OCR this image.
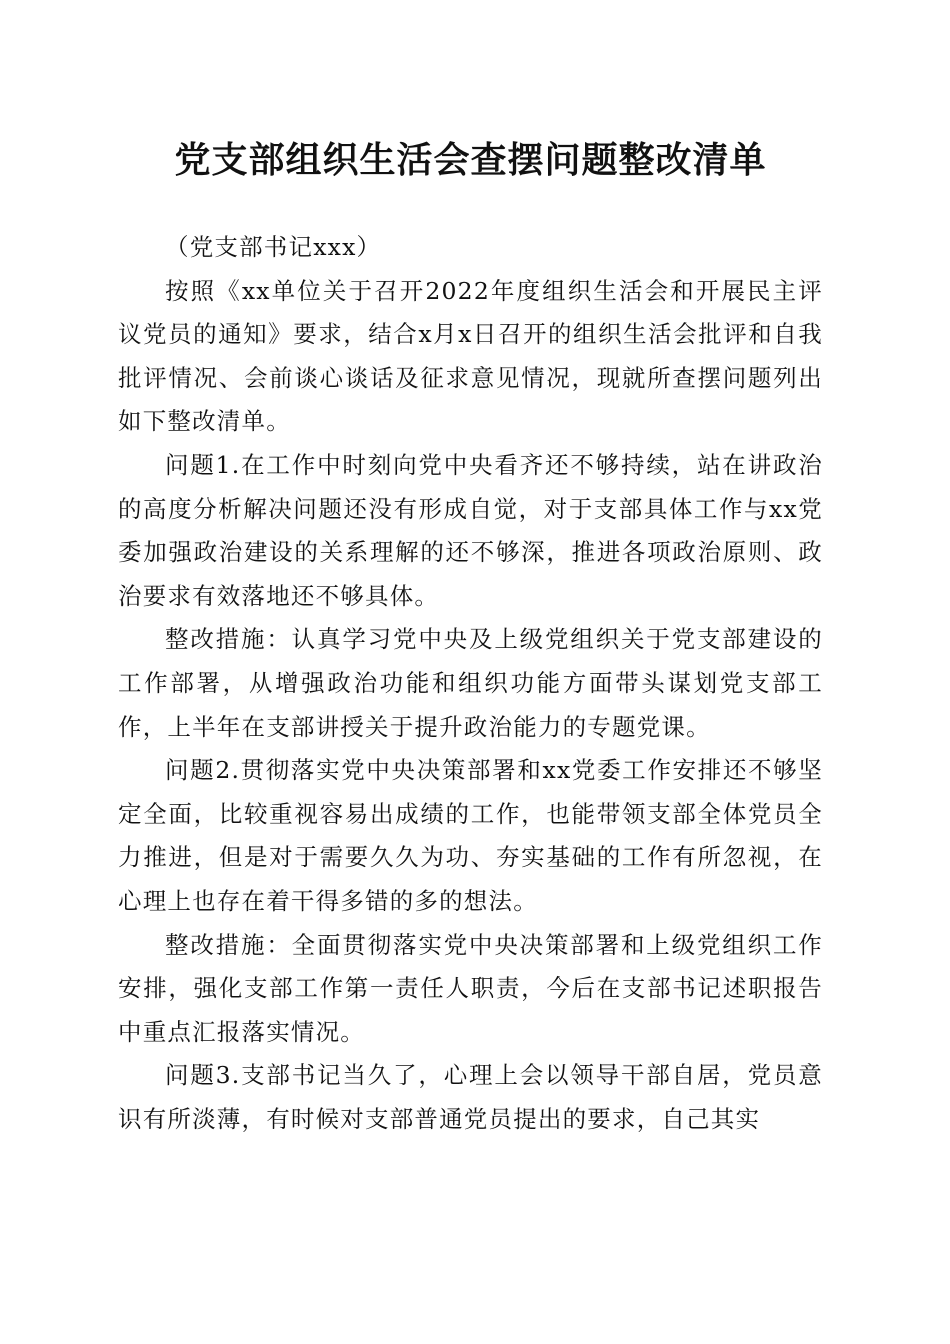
党支部组织生活会查摆问题整改清单

（党支部书记xxx）

按照《xx单位关于召开2022年度组织生活会和开展民主评议党员的通知》要求，结合x月x日召开的组织生活会批评和自我批评情况、会前谈心谈话及征求意见情况，现就所查摆问题列出如下整改清单。

问题1.在工作中时刻向党中央看齐还不够持续，站在讲政治的高度分析解决问题还没有形成自觉，对于支部具体工作与xx党委加强政治建设的关系理解的还不够深，推进各项政治原则、政治要求有效落地还不够具体。

整改措施：认真学习党中央及上级党组织关于党支部建设的工作部署，从增强政治功能和组织功能方面带头谋划党支部工作，上半年在支部讲授关于提升政治能力的专题党课。

问题2.贯彻落实党中央决策部署和xx党委工作安排还不够坚定全面，比较重视容易出成绩的工作，也能带领支部全体党员全力推进，但是对于需要久久为功、夯实基础的工作有所忽视，在心理上也存在着干得多错的多的想法。

整改措施：全面贯彻落实党中央决策部署和上级党组织工作安排，强化支部工作第一责任人职责，今后在支部书记述职报告中重点汇报落实情况。

问题3.支部书记当久了，心理上会以领导干部自居，党员意识有所淡薄，有时候对支部普通党员提出的要求，自己其实
